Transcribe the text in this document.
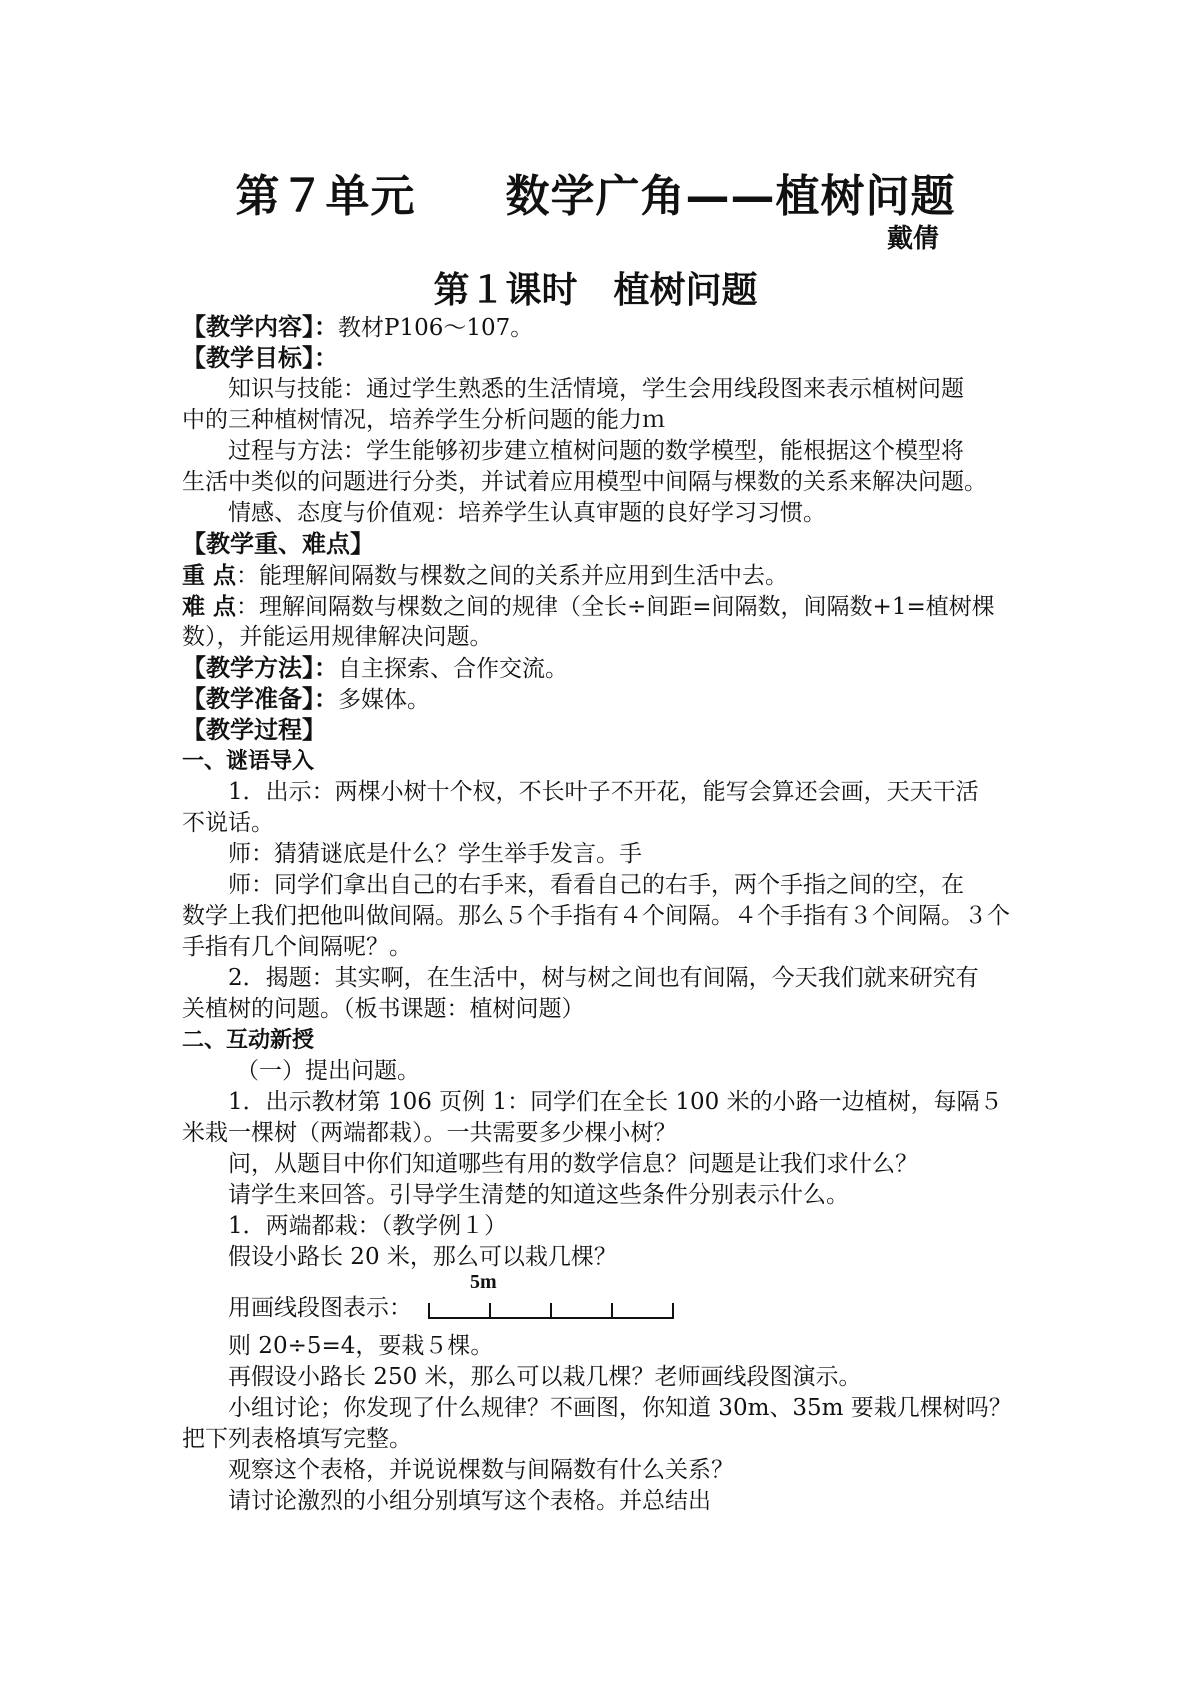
第７单元　　数学广角——植树问题
戴倩
第１课时　植树问题
【教学内容】：教材P106～107。
【教学目标】：
知识与技能：通过学生熟悉的生活情境，学生会用线段图来表示植树问题
中的三种植树情况，培养学生分析问题的能力ｍ
过程与方法：学生能够初步建立植树问题的数学模型，能根据这个模型将
生活中类似的问题进行分类，并试着应用模型中间隔与棵数的关系来解决问题。
情感、态度与价值观：培养学生认真审题的良好学习习惯。
【教学重、难点】
重 点：能理解间隔数与棵数之间的关系并应用到生活中去。
难 点：理解间隔数与棵数之间的规律（全长÷间距=间隔数，间隔数+1=植树棵
数），并能运用规律解决问题。
【教学方法】：自主探索、合作交流。
【教学准备】：多媒体。
【教学过程】
一、谜语导入
1．出示：两棵小树十个杈，不长叶子不开花，能写会算还会画，天天干活
不说话。
师：猜猜谜底是什么？学生举手发言。手
师：同学们拿出自己的右手来，看看自己的右手，两个手指之间的空，在
数学上我们把他叫做间隔。那么５个手指有４个间隔。４个手指有３个间隔。３个
手指有几个间隔呢？。
2．揭题：其实啊，在生活中，树与树之间也有间隔，今天我们就来研究有
关植树的问题。（板书课题：植树问题）
二、互动新授
（一）提出问题。
1．出示教材第 106 页例 1：同学们在全长 100 米的小路一边植树，每隔５
米栽一棵树（两端都栽）。一共需要多少棵小树？
问，从题目中你们知道哪些有用的数学信息？问题是让我们求什么？
请学生来回答。引导学生清楚的知道这些条件分别表示什么。
1．两端都栽：（教学例１）
假设小路长 20 米，那么可以栽几棵？
用画线段图表示：
5m
则 20÷5=4，要栽５棵。
再假设小路长 250 米，那么可以栽几棵？老师画线段图演示。
小组讨论；你发现了什么规律？不画图，你知道 30m、35m 要栽几棵树吗？
把下列表格填写完整。
观察这个表格，并说说棵数与间隔数有什么关系？
请讨论激烈的小组分别填写这个表格。并总结出
